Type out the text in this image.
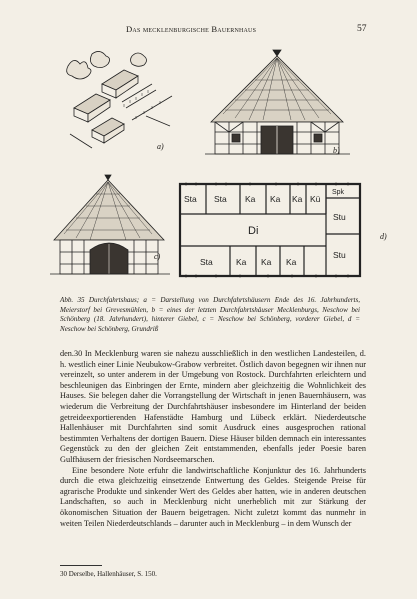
Das mecklenburgische Bauernhaus	57
a)	b)
c)
Sta Sta Ka Ka Ka Kü
Spk
Stu
Stu
Di
Sta	Ka Ka Ka
d)
Abb. 35 Durchfahrtshaus; a = Darstellung von Durchfahrtshäusern Ende des 16. Jahrhunderts, Meierstorf bei Grevesmühlen, b = eines der letzten Durchfahrtshäuser Mecklenburgs, Neschow bei Schönberg (18. Jahrhundert), hinterer Giebel, c = Neschow bei Schönberg, vorderer Giebel, d = Neschow bei Schönberg, Grundriß

den.30 In Mecklenburg waren sie nahezu ausschließlich in den westlichen Landesteilen, d. h. westlich einer Linie Neubukow-Grabow verbreitet. Östlich davon begegnen wir ihnen nur vereinzelt, so unter anderem in der Umgebung von Rostock. Durchfahrten erleichtern und beschleunigen das Einbringen der Ernte, mindern aber gleichzeitig die Wohnlichkeit des Hauses. Sie belegen daher die Vorrangstellung der Wirtschaft in jenen Bauernhäusern, was wiederum die Verbreitung der Durchfahrtshäuser insbesondere im Hinterland der beiden getreideexportierenden Hafenstädte Hamburg und Lübeck erklärt. Niederdeutsche Hallenhäuser mit Durchfahrten sind somit Ausdruck eines ausgesprochen rational bestimmten Verhaltens der dortigen Bauern. Diese Häuser bilden demnach ein interessantes Gegenstück zu den der gleichen Zeit entstammenden, ebenfalls jeder Poesie baren Gulfhäusern der friesischen Nordseemarschen.

Eine besondere Note erfuhr die landwirtschaftliche Konjunktur des 16. Jahrhunderts durch die etwa gleichzeitig einsetzende Entwertung des Geldes. Steigende Preise für agrarische Produkte und sinkender Wert des Geldes aber hatten, wie in anderen deutschen Landschaften, so auch in Mecklenburg nicht unerheblich mit zur Stärkung der ökonomischen Situation der Bauern beigetragen. Nicht zuletzt kommt das nunmehr in weiten Teilen Niederdeutschlands – darunter auch in Mecklenburg – in dem Wunsch der

30 Derselbe, Hallenhäuser, S. 150.
